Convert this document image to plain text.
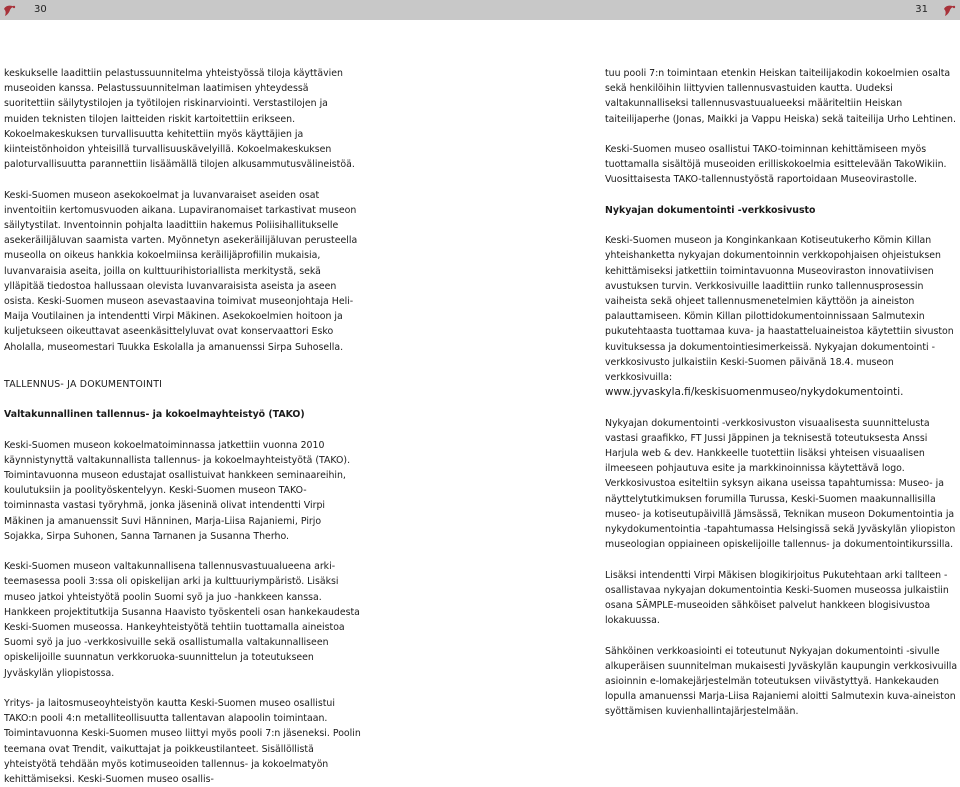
30	31

keskukselle laadittiin pelastussuunnitelma yhteistyössä tiloja käyttävien museoiden kanssa. Pelastussuunnitelman laatimisen yhteydessä suoritettiin säilytystilojen ja työtilojen riskinarviointi. Verstastilojen ja muiden teknisten tilojen laitteiden riskit kartoitettiin erikseen. Kokoelmakeskuksen turvallisuutta kehitettiin myös käyttäjien ja kiinteistönhoidon yhteisillä turvallisuuskävelyillä. Kokoelmakeskuksen paloturvallisuutta parannettiin lisäämällä tilojen alkusammutusvälineistöä.

Keski-Suomen museon asekokoelmat ja luvanvaraiset aseiden osat inventoitiin kertomusvuoden aikana. Lupaviranomaiset tarkastivat museon säilytystilat. Inventoinnin pohjalta laadittiin hakemus Poliisihallitukselle asekeräilijäluvan saamista varten. Myönnetyn asekeräilijäluvan perusteella museolla on oikeus hankkia kokoelmiinsa keräilijäprofiilin mukaisia, luvanvaraisia aseita, joilla on kulttuurihistoriallista merkitystä, sekä ylläpitää tiedostoa hallussaan olevista luvanvaraisista aseista ja aseen osista. Keski-Suomen museon asevastaavina toimivat museonjohtaja Heli-Maija Voutilainen ja intendentti Virpi Mäkinen. Asekokoelmien hoitoon ja kuljetukseen oikeuttavat aseenkäsittelyluvat ovat konservaattori Esko Aholalla, museomestari Tuukka Eskolalla ja amanuenssi Sirpa Suhosella.

TALLENNUS- JA DOKUMENTOINTI

Valtakunnallinen tallennus- ja kokoelmayhteistyö (TAKO)

Keski-Suomen museon kokoelmatoiminnassa jatkettiin vuonna 2010 käynnistynyttä valtakunnallista tallennus- ja kokoelmayhteistyötä (TAKO). Toimintavuonna museon edustajat osallistuivat hankkeen seminaareihin, koulutuksiin ja poolityöskentelyyn. Keski-Suomen museon TAKO-toiminnasta vastasi työryhmä, jonka jäseninä olivat intendentti Virpi Mäkinen ja amanuenssit Suvi Hänninen, Marja-Liisa Rajaniemi, Pirjo Sojakka, Sirpa Suhonen, Sanna Tarnanen ja Susanna Therho.

Keski-Suomen museon valtakunnallisena tallennusvastuualueena arki-teemasessa pooli 3:ssa oli opiskelijan arki ja kulttuuriympäristö. Lisäksi museo jatkoi yhteistyötä poolin Suomi syö ja juo -hankkeen kanssa. Hankkeen projektitutkija Susanna Haavisto työskenteli osan hankekaudesta Keski-Suomen museossa. Hankeyhteistyötä tehtiin tuottamalla aineistoa Suomi syö ja juo -verkkosivuille sekä osallistumalla valtakunnalliseen opiskelijoille suunnatun verkkoruoka-suunnittelun ja toteutukseen Jyväskylän yliopistossa.

Yritys- ja laitosmuseoyhteistyön kautta Keski-Suomen museo osallistui TAKO:n pooli 4:n metalliteollisuutta tallentavan alapoolin toimintaan. Toimintavuonna Keski-Suomen museo liittyi myös pooli 7:n jäseneksi. Poolin teemana ovat Trendit, vaikuttajat ja poikkeustilanteet. Sisällöllistä yhteistyötä tehdään myös kotimuseoiden tallennus- ja kokoelmatyön kehittämiseksi. Keski-Suomen museo osallis-

tuu pooli 7:n toimintaan etenkin Heiskan taiteilijakodin kokoelmien osalta sekä henkilöihin liittyvien tallennusvastuiden kautta. Uudeksi valtakunnalliseksi tallennusvastuualueeksi määriteltiin Heiskan taiteilijaperhe (Jonas, Maikki ja Vappu Heiska) sekä taiteilija Urho Lehtinen.

Keski-Suomen museo osallistui TAKO-toiminnan kehittämiseen myös tuottamalla sisältöjä museoiden erilliskokoelmia esittelevään TakoWikiin. Vuosittaisesta TAKO-tallennustyöstä raportoidaan Museovirastolle.

Nykyajan dokumentointi -verkkosivusto

Keski-Suomen museon ja Konginkankaan Kotiseutukerho Kömin Killan yhteishanketta nykyajan dokumentoinnin verkkopohjaisen ohjeistuksen kehittämiseksi jatkettiin toimintavuonna Museoviraston innovatiivisen avustuksen turvin. Verkkosivuille laadittiin runko tallennusprosessin vaiheista sekä ohjeet tallennusmenetelmien käyttöön ja aineiston palauttamiseen. Kömin Killan pilottidokumentoinnissaan Salmutexin pukutehtaasta tuottamaa kuva- ja haastatteluaineistoa käytettiin sivuston kuvituksessa ja dokumentointiesimerkeissä. Nykyajan dokumentointi -verkkosivusto julkaistiin Keski-Suomen päivänä 18.4. museon verkkosivuilla:

www.jyvaskyla.fi/keskisuomenmuseo/nykydokumentointi.

Nykyajan dokumentointi -verkkosivuston visuaalisesta suunnittelusta vastasi graafikko, FT Jussi Jäppinen ja teknisestä toteutuksesta Anssi Harjula web & dev. Hankkeelle tuotettiin lisäksi yhteisen visuaalisen ilmeeseen pohjautuva esite ja markkinoinnissa käytettävä logo. Verkkosivustoa esiteltiin syksyn aikana useissa tapahtumissa: Museo- ja näyttelytutkimuksen forumilla Turussa, Keski-Suomen maakunnallisilla museo- ja kotiseutupäivillä Jämsässä, Teknikan museon Dokumentointia ja nykydokumentointia -tapahtumassa Helsingissä sekä Jyväskylän yliopiston museologian oppiaineen opiskelijoille tallennus- ja dokumentointikurssilla.

Lisäksi intendentti Virpi Mäkisen blogikirjoitus Pukutehtaan arki tallteen - osallistavaa nykyajan dokumentointia Keski-Suomen museossa julkaistiin osana SÄMPLE-museoiden sähköiset palvelut hankkeen blogisivustoa lokakuussa.

Sähköinen verkkoasiointi ei toteutunut Nykyajan dokumentointi -sivulle alkuperäisen suunnitelman mukaisesti Jyväskylän kaupungin verkkosivuilla asioinnin e-lomakejärjestelmän toteutuksen viivästyttyä. Hankekauden lopulla amanuenssi Marja-Liisa Rajaniemi aloitti Salmutexin kuva-aineiston syöttämisen kuvienhallintajärjestelmään.
